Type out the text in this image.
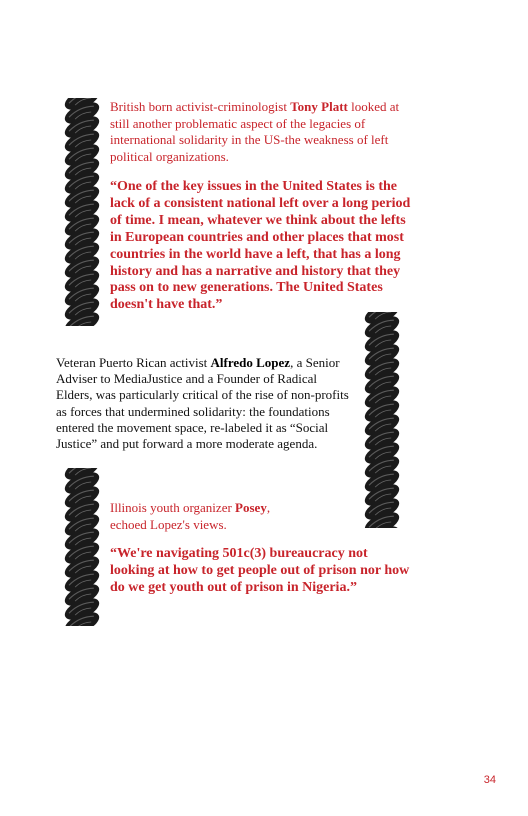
British born activist-criminologist Tony Platt looked at still another problematic aspect of the legacies of international solidarity in the US-the weakness of left political organizations.

“One of the key issues in the United States is the lack of a consistent national left over a long period of time. I mean, whatever we think about the lefts in European countries and other places that most countries in the world have a left, that has a long history and has a narrative and history that they pass on to new generations. The United States doesn't have that.”

Veteran Puerto Rican activist Alfredo Lopez, a Senior Adviser to MediaJustice and a Founder of Radical Elders, was particularly critical of the rise of non-profits as forces that undermined solidarity: the foundations entered the movement space, re-labeled it as “Social Justice” and put forward a more moderate agenda.

Illinois youth organizer Posey, echoed Lopez's views.

“We're navigating 501c(3) bureaucracy not looking at how to get people out of prison nor how do we get youth out of prison in Nigeria.”

34
